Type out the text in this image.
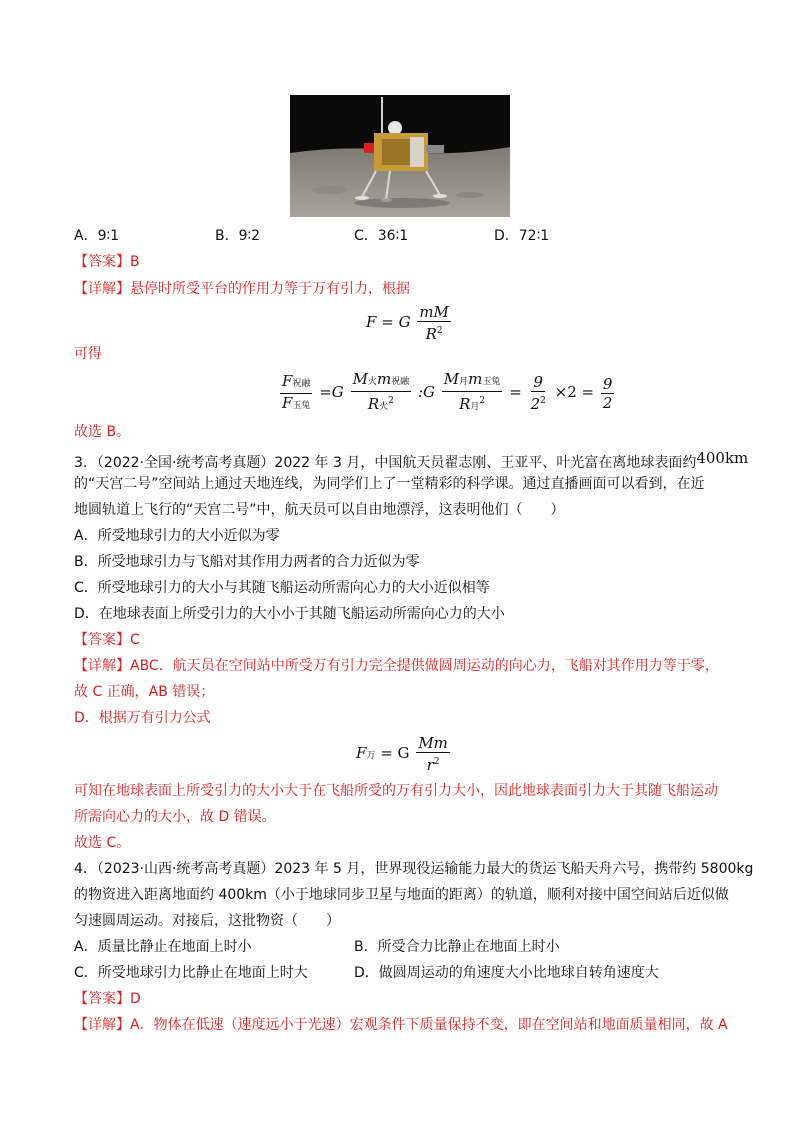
A．9∶1	B．9∶2	C．36∶1	D．72∶1
【答案】B
【详解】悬停时所受平台的作用力等于万有引力，根据
F = G $\frac{mM}{R^2}$
可得
$\frac{\text{F祝融}}{\text{F玉兔}} =G \frac{\text{M火m祝融}}{R火^2}$ :G $\frac{\text{M月m玉兔}}{R月^2} = \frac{9}{2^2} \times 2 = \frac{9}{2}$
故选 B。
3．（2022·全国·统考高考真题）2022 年 3 月，中国航天员翟志刚、王亚平、叶光富在离地球表面约400km
的“天宫二号”空间站上通过天地连线，为同学们上了一堂精彩的科学课。通过直播画面可以看到，在近
地圆轨道上飞行的“天宫二号”中，航天员可以自由地漂浮，这表明他们（　　）
A．所受地球引力的大小近似为零
B．所受地球引力与飞船对其作用力两者的合力近似为零
C．所受地球引力的大小与其随飞船运动所需向心力的大小近似相等
D．在地球表面上所受引力的大小小于其随飞船运动所需向心力的大小
【答案】C
【详解】ABC．航天员在空间站中所受万有引力完全提供做圆周运动的向心力，飞船对其作用力等于零，
故 C 正确，AB 错误；
D．根据万有引力公式
F万 = G $\frac{Mm}{r^2}$
可知在地球表面上所受引力的大小大于在飞船所受的万有引力大小，因此地球表面引力大于其随飞船运动
所需向心力的大小，故 D 错误。
故选 C。
4．（2023·山西·统考高考真题）2023 年 5 月，世界现役运输能力最大的货运飞船天舟六号，携带约 5800kg
的物资进入距离地面约 400km（小于地球同步卫星与地面的距离）的轨道，顺利对接中国空间站后近似做
匀速圆周运动。对接后，这批物资（　　）
A．质量比静止在地面上时小	B．所受合力比静止在地面上时小
C．所受地球引力比静止在地面上时大	D．做圆周运动的角速度大小比地球自转角速度大
【答案】D
【详解】A．物体在低速（速度远小于光速）宏观条件下质量保持不变，即在空间站和地面质量相同，故 A
